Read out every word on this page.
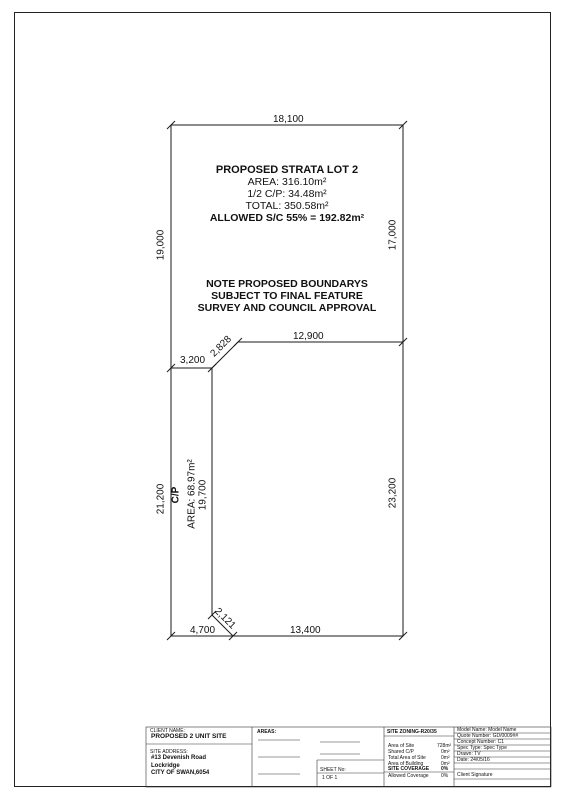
18,100
19,000	17,000
12,900
2,828
3,200
21,200	19,700	23,200
4,700
2,121	13,400
C/P AREA: 68.97m²
PROPOSED STRATA LOT 2
AREA: 316.10m²
1/2 C/P: 34.48m²
TOTAL: 350.58m²
ALLOWED S/C 55% = 192.82m²
NOTE PROPOSED BOUNDARYS
SUBJECT TO FINAL FEATURE
SURVEY AND COUNCIL APPROVAL
CLIENT NAME:
PROPOSED 2 UNIT SITE
SITE ADDRESS:
#13 Devenish Road
Lockridge
CITY OF SWAN,6054
AREAS:
SHEET No:
1 OF 1
SITE ZONING-R20/35
Area of Site	728m²
Shared C/P	0m²
Total Area of Site	0m²
Area of Building	0m²
SITE COVERAGE 0%
Allowed Coverage 0%
Model Name: Model Name
Quote Number: GD/0009##
Concept Number: C1
Spec Type: Spec Type
Drawn: TV
Date: 24/05/16
Client Signature
